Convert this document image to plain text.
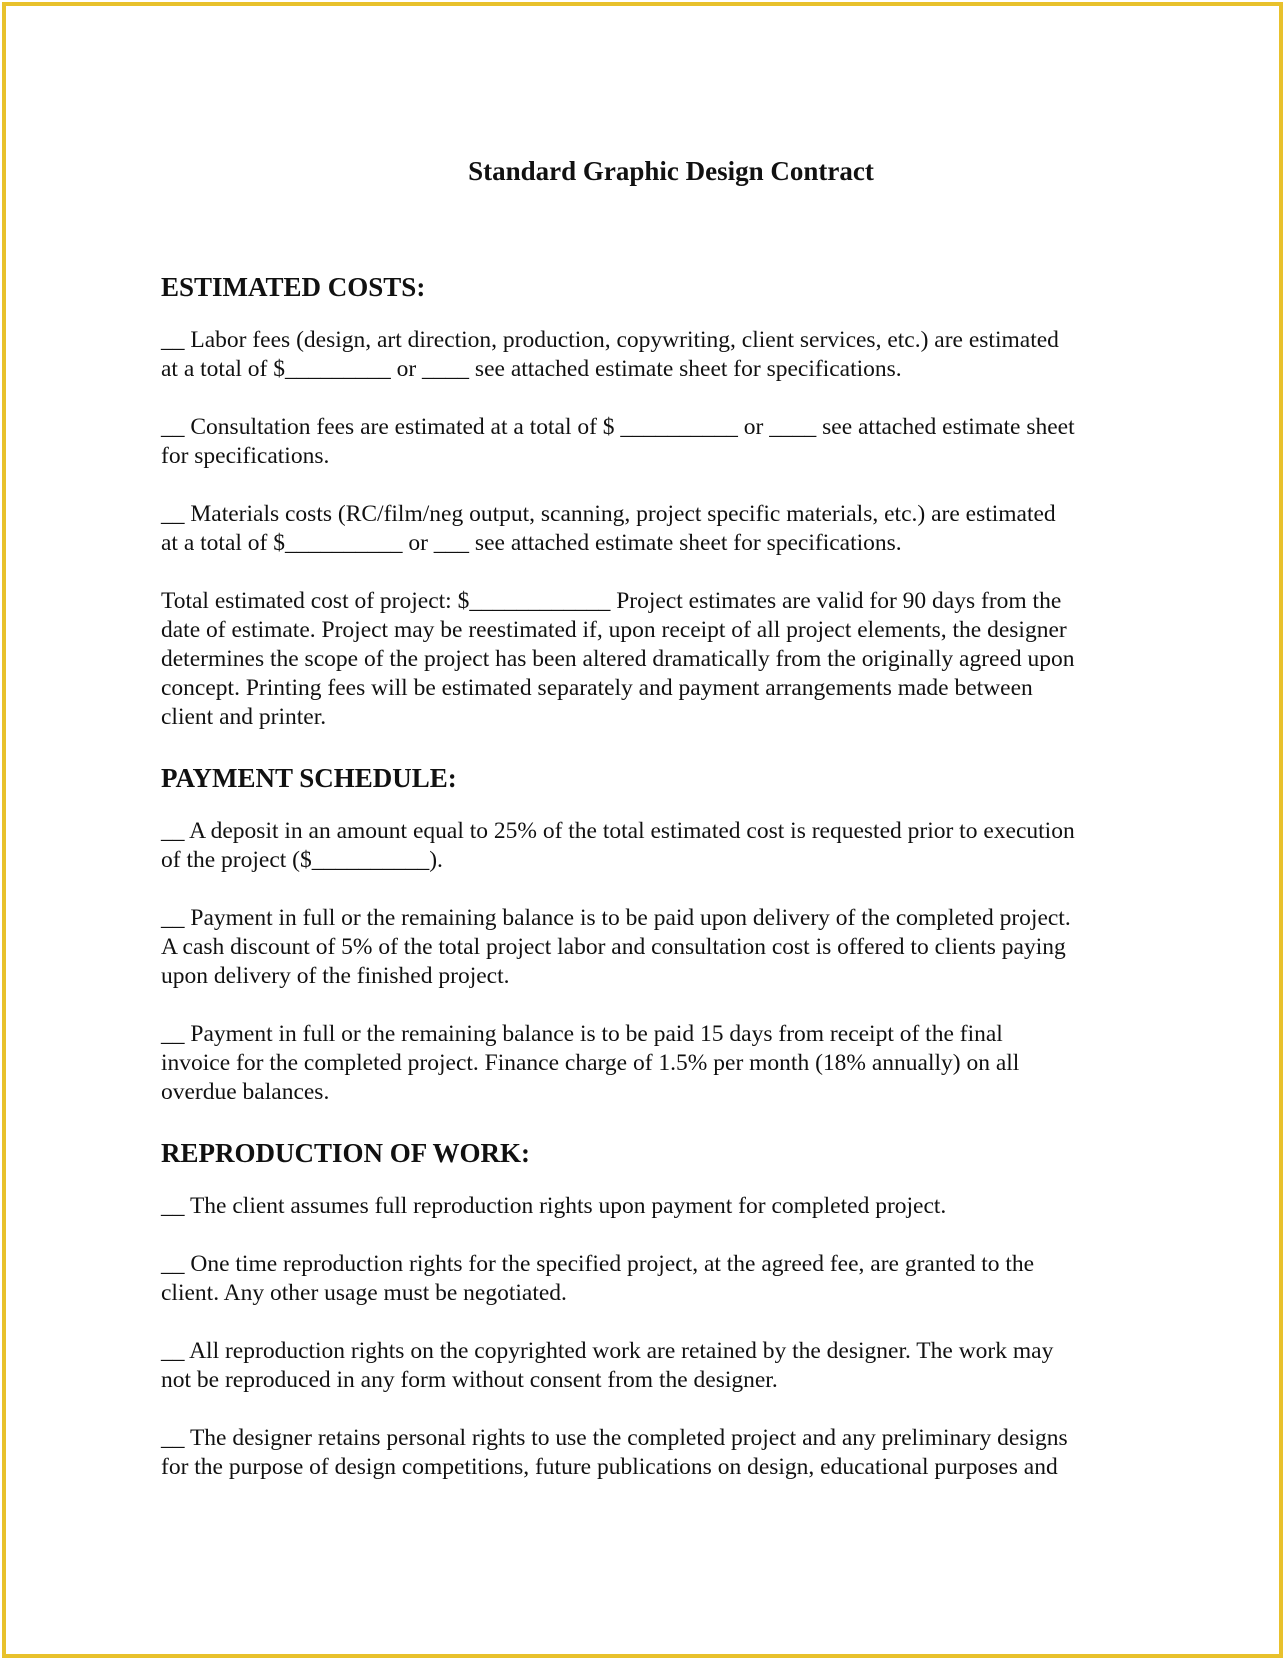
Standard Graphic Design Contract
ESTIMATED COSTS:
__ Labor fees (design, art direction, production, copywriting, client services, etc.) are estimated
at a total of $_________ or ____ see attached estimate sheet for specifications.
__ Consultation fees are estimated at a total of $ __________ or ____ see attached estimate sheet
for specifications.
__ Materials costs (RC/film/neg output, scanning, project specific materials, etc.) are estimated
at a total of $__________ or ___ see attached estimate sheet for specifications.
Total estimated cost of project: $____________ Project estimates are valid for 90 days from the
date of estimate. Project may be reestimated if, upon receipt of all project elements, the designer
determines the scope of the project has been altered dramatically from the originally agreed upon
concept. Printing fees will be estimated separately and payment arrangements made between
client and printer.
PAYMENT SCHEDULE:
__ A deposit in an amount equal to 25% of the total estimated cost is requested prior to execution
of the project ($__________).
__ Payment in full or the remaining balance is to be paid upon delivery of the completed project.
A cash discount of 5% of the total project labor and consultation cost is offered to clients paying
upon delivery of the finished project.
__ Payment in full or the remaining balance is to be paid 15 days from receipt of the final
invoice for the completed project. Finance charge of 1.5% per month (18% annually) on all
overdue balances.
REPRODUCTION OF WORK:
__ The client assumes full reproduction rights upon payment for completed project.
__ One time reproduction rights for the specified project, at the agreed fee, are granted to the
client. Any other usage must be negotiated.
__ All reproduction rights on the copyrighted work are retained by the designer. The work may
not be reproduced in any form without consent from the designer.
__ The designer retains personal rights to use the completed project and any preliminary designs
for the purpose of design competitions, future publications on design, educational purposes and
